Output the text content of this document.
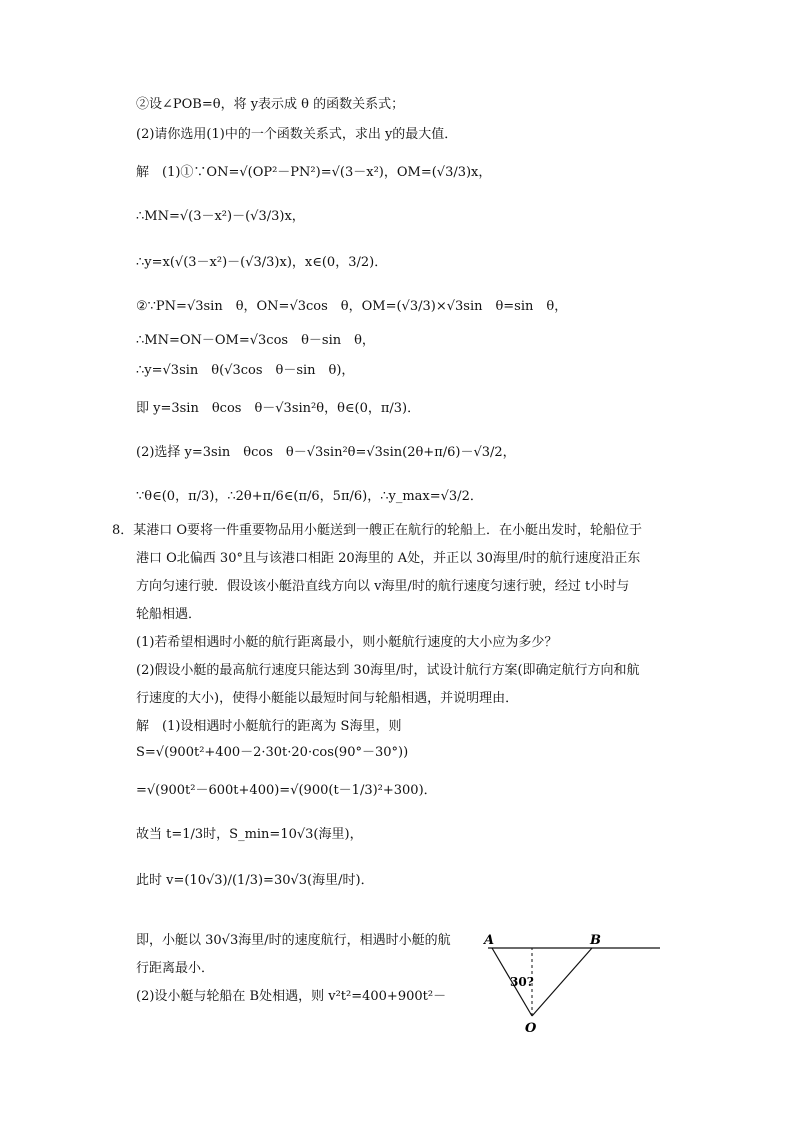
②设∠POB=θ，将 y表示成 θ 的函数关系式；
(2)请你选用(1)中的一个函数关系式，求出 y的最大值．
解　(1)①∵ON=√(OP²－PN²)=√(3－x²)，OM=(√3/3)x，
∴MN=√(3－x²)－(√3/3)x，
∴y=x(√(3－x²)－(√3/3)x)，x∈(0，3/2)．
②∵PN=√3sin　θ，ON=√3cos　θ，OM=(√3/3)×√3sin　θ=sin　θ，
∴MN=ON－OM=√3cos　θ－sin　θ，
∴y=√3sin　θ(√3cos　θ－sin　θ)，
即 y=3sin　θcos　θ－√3sin²θ，θ∈(0，π/3)．
(2)选择 y=3sin　θcos　θ－√3sin²θ=√3sin(2θ+π/6)－√3/2，
∵θ∈(0，π/3)，∴2θ+π/6∈(π/6，5π/6)，∴y_max=√3/2．
8．某港口 O要将一件重要物品用小艇送到一艘正在航行的轮船上．在小艇出发时，轮船位于
港口 O北偏西 30°且与该港口相距 20海里的 A处，并正以 30海里/时的航行速度沿正东
方向匀速行驶．假设该小艇沿直线方向以 v海里/时的航行速度匀速行驶，经过 t小时与
轮船相遇．
(1)若希望相遇时小艇的航行距离最小，则小艇航行速度的大小应为多少？
(2)假设小艇的最高航行速度只能达到 30海里/时，试设计航行方案(即确定航行方向和航
行速度的大小)，使得小艇能以最短时间与轮船相遇，并说明理由．
解　(1)设相遇时小艇航行的距离为 S海里，则
S=√(900t²+400－2·30t·20·cos(90°－30°))
=√(900t²－600t+400)=√(900(t－1/3)²+300)．
故当 t=1/3时，S_min=10√3(海里)，
此时 v=(10√3)/(1/3)=30√3(海里/时)．
即，小艇以 30√3海里/时的速度航行，相遇时小艇的航
行距离最小．
(2)设小艇与轮船在 B处相遇，则 v²t²=400+900t²－
A	B
O
30?
